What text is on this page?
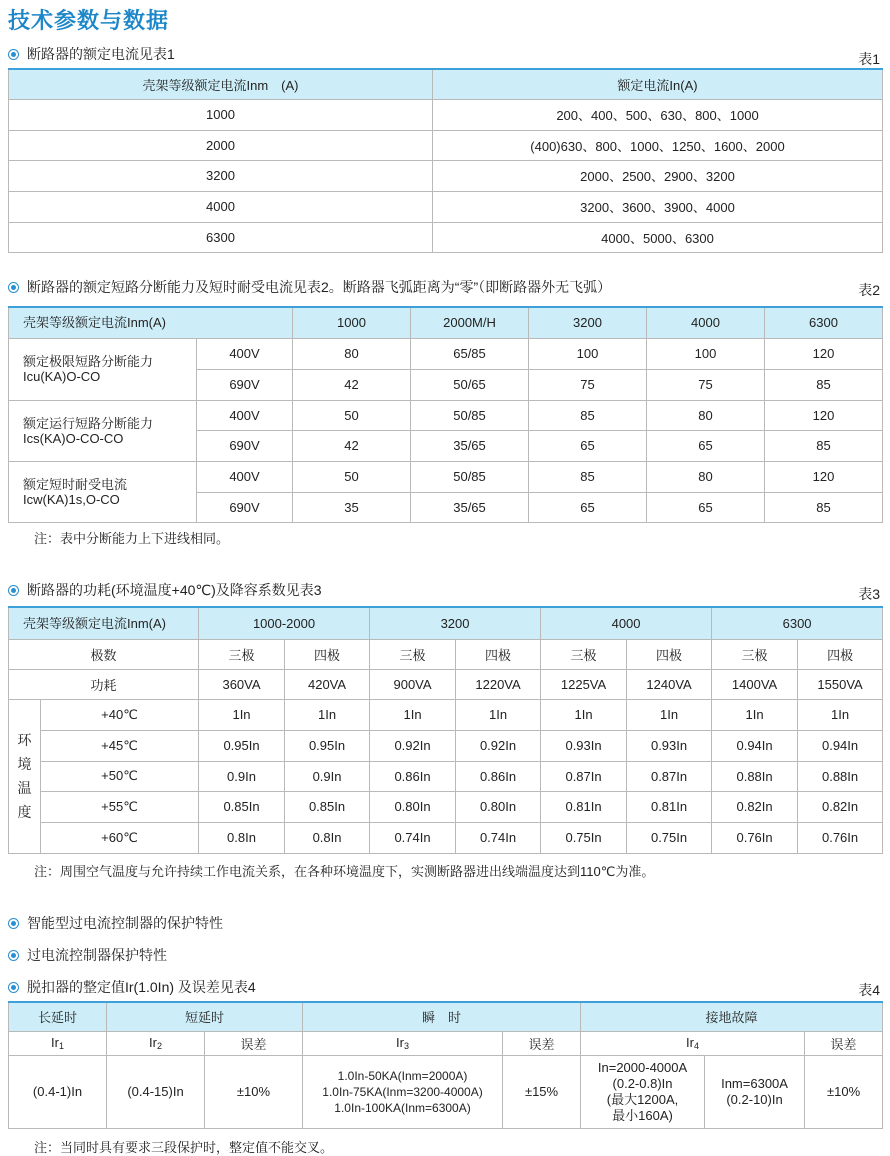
技术参数与数据
断路器的额定电流见表1	表1
壳架等级额定电流Inm　(A)	额定电流In(A)
1000	200、400、500、630、800、1000
2000	(400)630、800、1000、1250、1600、2000
3200	2000、2500、2900、3200
4000	3200、3600、3900、4000
6300	4000、5000、6300
断路器的额定短路分断能力及短时耐受电流见表2。断路器飞弧距离为“零”（即断路器外无飞弧）	表2
壳架等级额定电流Inm(A)		1000	2000M/H	3200	4000	6300
额定极限短路分断能力
Icu(KA)O-CO	400V	80	65/85	100	100	120
	690V	42	50/65	75	75	85
额定运行短路分断能力
Ics(KA)O-CO-CO	400V	50	50/85	85	80	120
	690V	42	35/65	65	65	85
额定短时耐受电流
Icw(KA)1s,O-CO	400V	50	50/85	85	80	120
	690V	35	35/65	65	65	85
注：表中分断能力上下进线相同。
断路器的功耗(环境温度+40℃)及降容系数见表3	表3
壳架等级额定电流Inm(A)		1000-2000		3200		4000		6300	
极数		三极	四极	三极	四极	三极	四极	三极	四极
功耗		360VA	420VA	900VA	1220VA	1225VA	1240VA	1400VA	1550VA
环
境
温
度	+40℃	1In	1In	1In	1In	1In	1In	1In	1In
	+45℃	0.95In	0.95In	0.92In	0.92In	0.93In	0.93In	0.94In	0.94In
	+50℃	0.9In	0.9In	0.86In	0.86In	0.87In	0.87In	0.88In	0.88In
	+55℃	0.85In	0.85In	0.80In	0.80In	0.81In	0.81In	0.82In	0.82In
	+60℃	0.8In	0.8In	0.74In	0.74In	0.75In	0.75In	0.76In	0.76In
注：周围空气温度与允许持续工作电流关系，在各种环境温度下，实测断路器进出线端温度达到110℃为准。
智能型过电流控制器的保护特性
过电流控制器保护特性
脱扣器的整定值Ir(1.0In) 及误差见表4	表4
长延时	短延时		瞬　时		接地故障		
$Ir_1$	$Ir_2$	误差	$Ir_3$	误差	$Ir_4$		误差
(0.4-1)In	(0.4-15)In	±10%	1.0In-50KA(Inm=2000A)
1.0In-75KA(Inm=3200-4000A)
1.0In-100KA(Inm=6300A)	±15%	In=2000-4000A
(0.2-0.8)In
(最大1200A,
最小160A)	Inm=6300A
(0.2-10)In	±10%
注：当同时具有要求三段保护时，整定值不能交叉。
